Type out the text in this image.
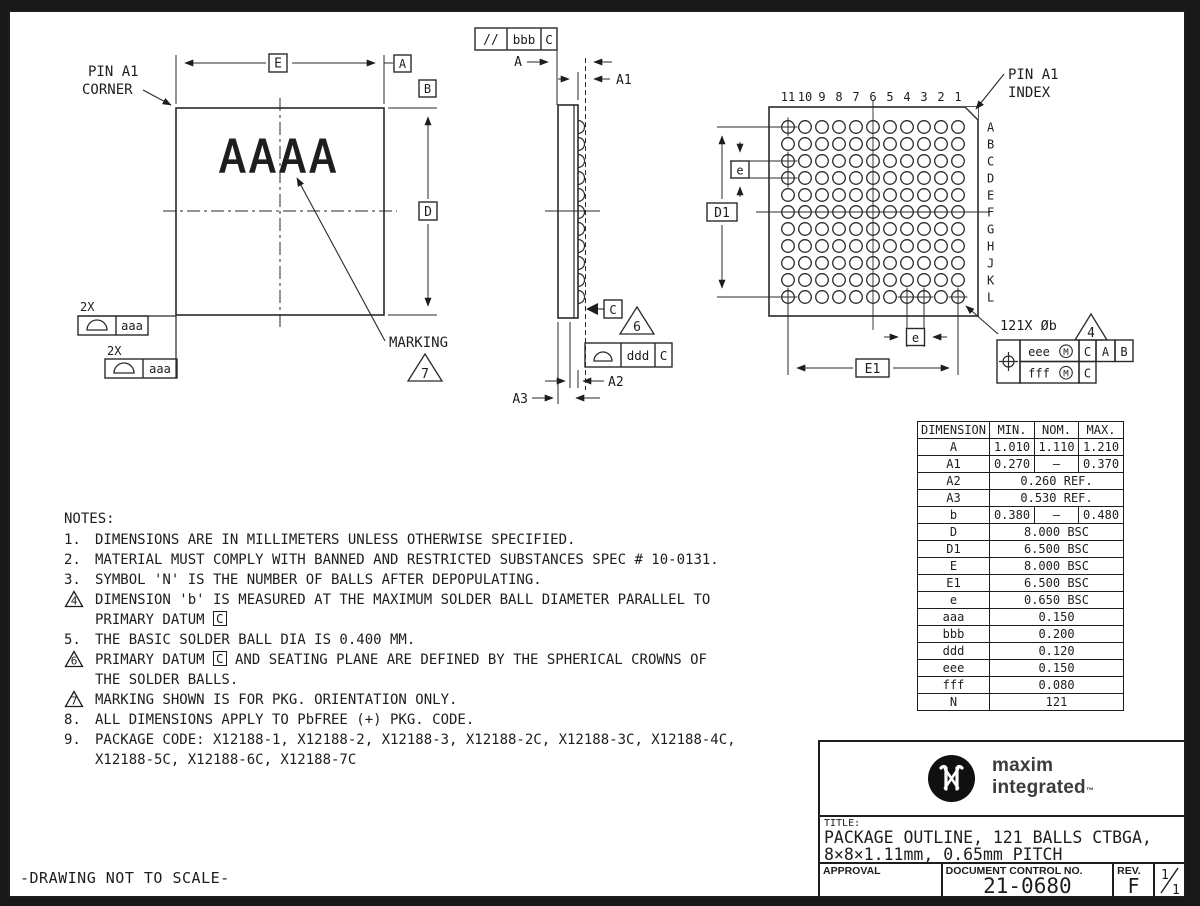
AAAA
E	A
B
D
PIN A1
CORNER
2X
aaa
2X
aaa
MARKING
7
// bbb C
A
A1
C
6
ddd C
A2
A3
11 10 9 8 7 6 5 4 3 2 1
A
B
C
D
E
F
G
H
J
K
L
PIN A1
INDEX
D1
e
E1
e
121X Øb 4
eee M C A B
fff M C
NOTES:
1.	DIMENSIONS ARE IN MILLIMETERS UNLESS OTHERWISE SPECIFIED.
2.	MATERIAL MUST COMPLY WITH BANNED AND RESTRICTED SUBSTANCES SPEC # 10-0131.
3.	SYMBOL 'N' IS THE NUMBER OF BALLS AFTER DEPOPULATING.
4 DIMENSION 'b' IS MEASURED AT THE MAXIMUM SOLDER BALL DIAMETER PARALLEL TO
PRIMARY DATUM C
5.	THE BASIC SOLDER BALL DIA IS 0.400 MM.
6 PRIMARY DATUM C AND SEATING PLANE ARE DEFINED BY THE SPHERICAL CROWNS OF
THE SOLDER BALLS.
7 MARKING SHOWN IS FOR PKG. ORIENTATION ONLY.
8.	ALL DIMENSIONS APPLY TO PbFREE (+) PKG. CODE.
9.	PACKAGE CODE: X12188-1, X12188-2, X12188-3, X12188-2C, X12188-3C, X12188-4C,
X12188-5C, X12188-6C, X12188-7C
DIMENSION	MIN.	NOM.	MAX.
A	1.010	1.110	1.210
A1	0.270	–	0.370
A2	0.260 REF.		
A3	0.530 REF.		
b	0.380	–	0.480
D	8.000 BSC		
D1	6.500 BSC		
E	8.000 BSC		
E1	6.500 BSC		
e	0.650 BSC		
aaa	0.150		
bbb	0.200		
ddd	0.120		
eee	0.150		
fff	0.080		
N	121		
maxim
integrated™
TITLE:
PACKAGE OUTLINE, 121 BALLS CTBGA,
8×8×1.11mm, 0.65mm PITCH
APPROVAL	DOCUMENT CONTROL NO.
21-0680
REV.
F	1
1
-DRAWING NOT TO SCALE-
